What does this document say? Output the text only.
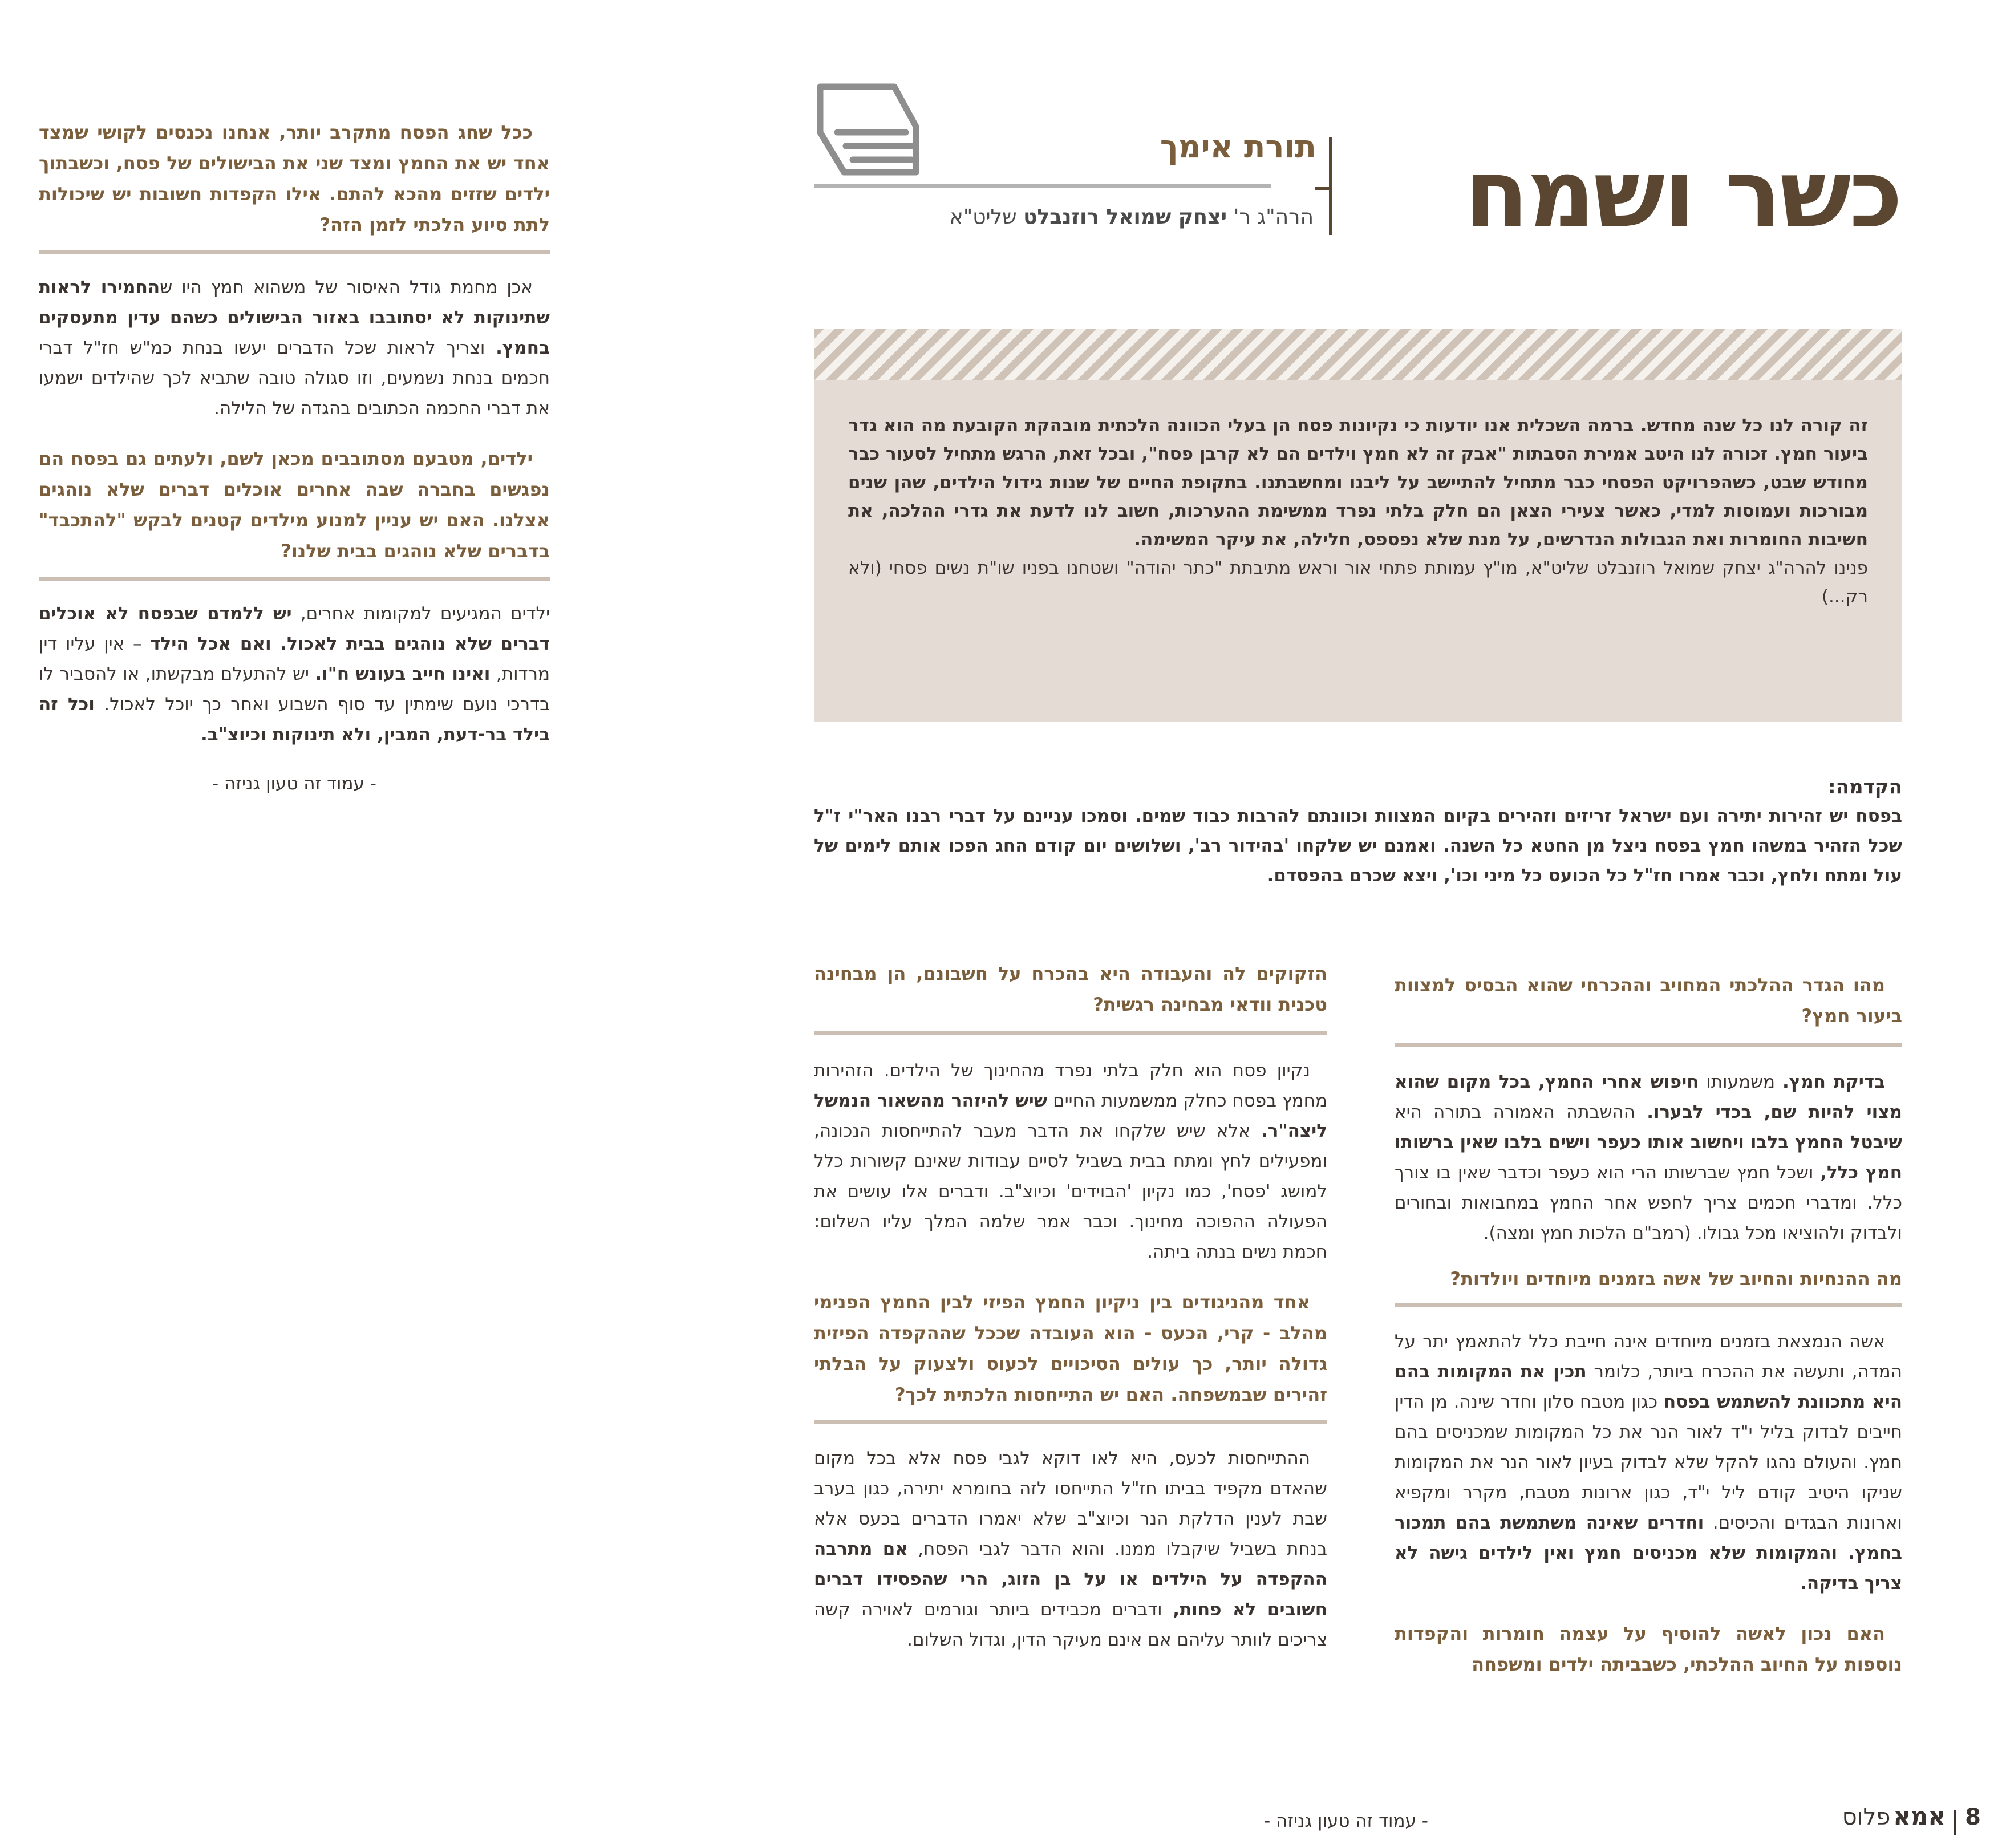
כשר ושמח
תורת אימך
הרה"ג ר' יצחק שמואל רוזנבלט שליט"א

זה קורה לנו כל שנה מחדש. ברמה השכלית אנו יודעות כי נקיונות פסח הן בעלי הכוונה הלכתית מובהקת הקובעת מה הוא גדר ביעור חמץ. זכורה לנו היטב אמירת הסבתות "אבק זה לא חמץ וילדים הם לא קרבן פסח", ובכל זאת, הרגש מתחיל לסעור כבר מחודש שבט, כשהפרויקט הפסחי כבר מתחיל להתיישב על ליבנו ומחשבתנו. בתקופת החיים של שנות גידול הילדים, שהן שנים מבורכות ועמוסות למדי, כאשר צעירי הצאן הם חלק בלתי נפרד ממשימת ההערכות, חשוב לנו לדעת את גדרי ההלכה, את חשיבות החומרות ואת הגבולות הנדרשים, על מנת שלא נפספס, חלילה, את עיקר המשימה.

פנינו להרה"ג יצחק שמואל רוזנבלט שליט"א, מו"ץ עמותת פתחי אור וראש מתיבתת "כתר יהודה" ושטחנו בפניו שו"ת נשים פסחי (ולא רק...)

הקדמה:

בפסח יש זהירות יתירה ועם ישראל זריזים וזהירים בקיום המצוות וכוונתם להרבות כבוד שמים. וסמכו עניינם על דברי רבנו האר"י ז"ל שכל הזהיר במשהו חמץ בפסח ניצל מן החטא כל השנה. ואמנם יש שלקחו 'בהידור רב', ושלושים יום קודם החג הפכו אותם לימים של עול ומתח ולחץ, וכבר אמרו חז"ל כל הכועס כל מיני וכו', ויצא שכרם בהפסדם.

מהו הגדר ההלכתי המחויב וההכרחי שהוא הבסיס למצוות ביעור חמץ?

בדיקת חמץ. משמעותו חיפוש אחרי החמץ, בכל מקום שהוא מצוי להיות שם, בכדי לבערו. ההשבתה האמורה בתורה היא שיבטל החמץ בלבו ויחשוב אותו כעפר וישים בלבו שאין ברשותו חמץ כלל, ושכל חמץ שברשותו הרי הוא כעפר וכדבר שאין בו צורך כלל. ומדברי חכמים צריך לחפש אחר החמץ במחבואות ובחורים ולבדוק ולהוציאו מכל גבולו. (רמב"ם הלכות חמץ ומצה).

מה ההנחיות והחיוב של אשה בזמנים מיוחדים ויולדות?

אשה הנמצאת בזמנים מיוחדים אינה חייבת כלל להתאמץ יתר על המדה, ותעשה את ההכרח ביותר, כלומר תכין את המקומות בהם היא מתכוונת להשתמש בפסח כגון מטבח סלון וחדר שינה. מן הדין חייבים לבדוק בליל י"ד לאור הנר את כל המקומות שמכניסים בהם חמץ. והעולם נהגו להקל שלא לבדוק בעיון לאור הנר את המקומות שניקו היטיב קודם ליל י"ד, כגון ארונות מטבח, מקרר ומקפיא וארונות הבגדים והכיסים. וחדרים שאינה משתמשת בהם תמכור בחמץ. והמקומות שלא מכניסים חמץ ואין לילדים גישה לא צריך בדיקה.

האם נכון לאשה להוסיף על עצמה חומרות והקפדות נוספות על החיוב ההלכתי, כשבביתה ילדים ומשפחה

הזקוקים לה והעבודה היא בהכרח על חשבונם, הן מבחינה טכנית וודאי מבחינה רגשית?

נקיון פסח הוא חלק בלתי נפרד מהחינוך של הילדים. הזהירות מחמץ בפסח כחלק ממשמעות החיים שיש להיזהר מהשאור הנמשל ליצה"ר. אלא שיש שלקחו את הדבר מעבר להתייחסות הנכונה, ומפעילים לחץ ומתח בבית בשביל לסיים עבודות שאינם קשורות כלל למושג 'פסח', כמו נקיון 'הבוידים' וכיוצ"ב. ודברים אלו עושים את הפעולה ההפוכה מחינוך. וכבר אמר שלמה המלך עליו השלום: חכמת נשים בנתה ביתה.

אחד מהניגודים בין ניקיון החמץ הפיזי לבין החמץ הפנימי מהלב - קרי, הכעס - הוא העובדה שככל שההקפדה הפיזית גדולה יותר, כך עולים הסיכויים לכעוס ולצעוק על הבלתי זהירים שבמשפחה. האם יש התייחסות הלכתית לכך?

ההתייחסות לכעס, היא לאו דוקא לגבי פסח אלא בכל מקום שהאדם מקפיד בביתו חז"ל התייחסו לזה בחומרא יתירה, כגון בערב שבת לענין הדלקת הנר וכיוצ"ב שלא יאמרו הדברים בכעס אלא בנחת בשביל שיקבלו ממנו. והוא הדבר לגבי הפסח, אם מתרבה ההקפדה על הילדים או על בן הזוג, הרי שהפסידו דברים חשובים לא פחות, ודברים מכבידים ביותר וגורמים לאוירה קשה צריכים לוותר עליהם אם אינם מעיקר הדין, וגדול השלום.

ככל שחג הפסח מתקרב יותר, אנחנו נכנסים לקושי שמצד אחד יש את החמץ ומצד שני את הבישולים של פסח, וכשבתוך ילדים שזזים מהכא להתם. אילו הקפדות חשובות יש שיכולות לתת סיוע הלכתי לזמן הזה?

אכן מחמת גודל האיסור של משהוא חמץ היו שהחמירו לראות שתינוקות לא יסתובבו באזור הבישולים כשהם עדין מתעסקים בחמץ. וצריך לראות שכל הדברים יעשו בנחת כמ"ש חז"ל דברי חכמים בנחת נשמעים, וזו סגולה טובה שתביא לכך שהילדים ישמעו את דברי החכמה הכתובים בהגדה של הלילה.

ילדים, מטבעם מסתובבים מכאן לשם, ולעתים גם בפסח הם נפגשים בחברה שבה אחרים אוכלים דברים שלא נוהגים אצלנו. האם יש עניין למנוע מילדים קטנים לבקש "להתכבד" בדברים שלא נוהגים בבית שלנו?

ילדים המגיעים למקומות אחרים, יש ללמדם שבפסח לא אוכלים דברים שלא נוהגים בבית לאכול. ואם אכל הילד – אין עליו דין מרדות, ואינו חייב בעונש ח"ו. יש להתעלם מבקשתו, או להסביר לו בדרכי נועם שימתין עד סוף השבוע ואחר כך יוכל לאכול. וכל זה בילד בר-דעת, המבין, ולא תינוקות וכיוצ"ב.

- עמוד זה טעון גניזה -
- עמוד זה טעון גניזה -	8  אמא פלוס
